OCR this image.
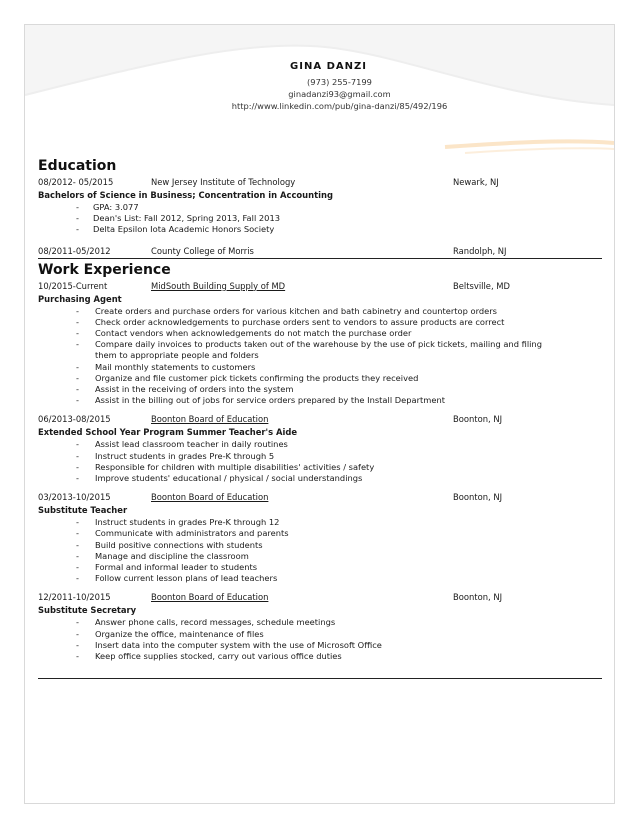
GINA DANZI
(973) 255-7199
ginadanzi93@gmail.com
http://www.linkedin.com/pub/gina-danzi/85/492/196
Education
08/2012- 05/2015	New Jersey Institute of Technology	Newark, NJ
Bachelors of Science in Business; Concentration in Accounting
- GPA: 3.077
- Dean's List: Fall 2012, Spring 2013, Fall 2013
- Delta Epsilon Iota Academic Honors Society
08/2011-05/2012	County College of Morris	Randolph, NJ
Work Experience
10/2015-Current	MidSouth Building Supply of MD	Beltsville, MD
Purchasing Agent
- Create orders and purchase orders for various kitchen and bath cabinetry and countertop orders
- Check order acknowledgements to purchase orders sent to vendors to assure products are correct
- Contact vendors when acknowledgements do not match the purchase order
- Compare daily invoices to products taken out of the warehouse by the use of pick tickets, mailing and filing
them to appropriate people and folders
- Mail monthly statements to customers
- Organize and file customer pick tickets confirming the products they received
- Assist in the receiving of orders into the system
- Assist in the billing out of jobs for service orders prepared by the Install Department
06/2013-08/2015	Boonton Board of Education	Boonton, NJ
Extended School Year Program Summer Teacher's Aide
- Assist lead classroom teacher in daily routines
- Instruct students in grades Pre-K through 5
- Responsible for children with multiple disabilities' activities / safety
- Improve students' educational / physical / social understandings
03/2013-10/2015	Boonton Board of Education	Boonton, NJ
Substitute Teacher
- Instruct students in grades Pre-K through 12
- Communicate with administrators and parents
- Build positive connections with students
- Manage and discipline the classroom
- Formal and informal leader to students
- Follow current lesson plans of lead teachers
12/2011-10/2015	Boonton Board of Education	Boonton, NJ
Substitute Secretary
- Answer phone calls, record messages, schedule meetings
- Organize the office, maintenance of files
- Insert data into the computer system with the use of Microsoft Office
- Keep office supplies stocked, carry out various office duties
